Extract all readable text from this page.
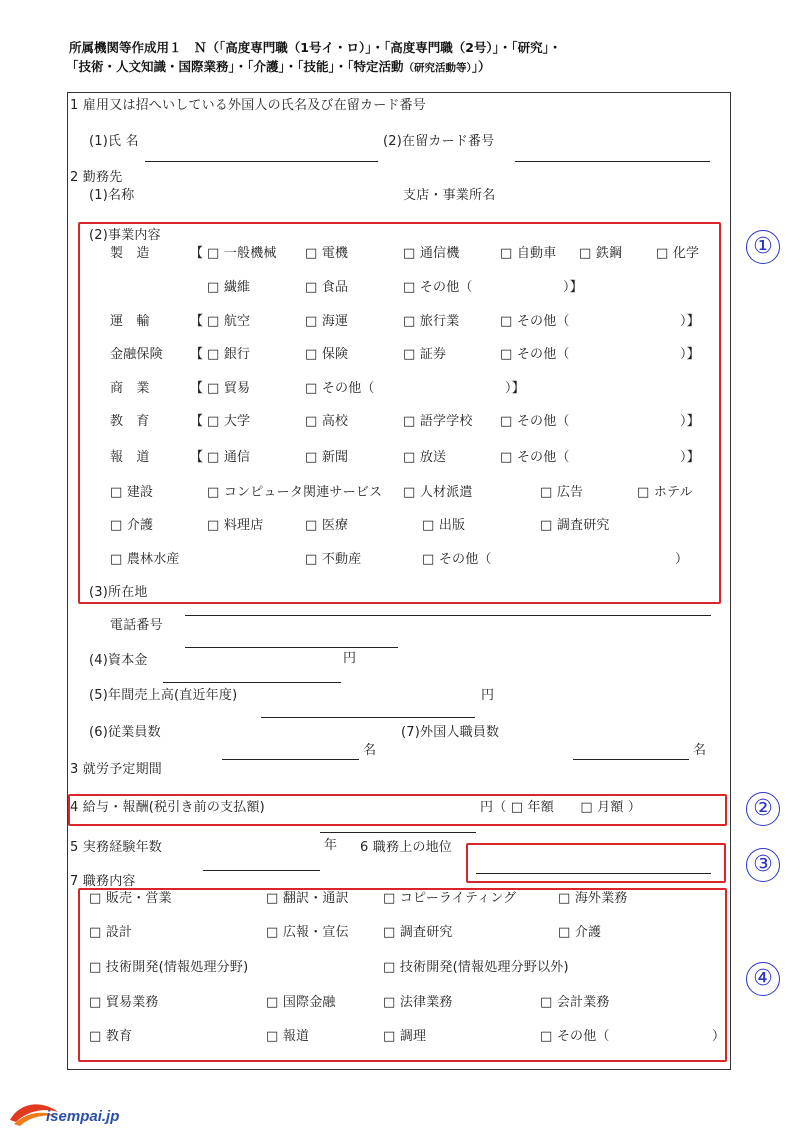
所属機関等作成用１　Ｎ（「高度専門職（1号イ・ロ）」・「高度専門職（2号）」・「研究」・
「技術・人文知識・国際業務」・「介護」・「技能」・「特定活動（研究活動等）」）
1 雇用又は招へいしている外国人の氏名及び在留カード番号
(1)氏 名	(2)在留カード番号
2 勤務先
(1)名称	支店・事業所名
(2)事業内容
製　造	【 □ 一般機械 □ 電機	□ 通信機	□ 自動車 □ 鉄鋼	□ 化学
□ 繊維	□ 食品	□ その他（	）】
運　輸	【 □ 航空	□ 海運	□ 旅行業	□ その他（	）】
金融保険 【 □ 銀行	□ 保険	□ 証券	□ その他（	）】
商　業	【 □ 貿易	□ その他（	）】
教　育	【 □ 大学	□ 高校	□ 語学学校 □ その他（	）】
報　道	【 □ 通信	□ 新聞	□ 放送	□ その他（	）】
□ 建設	□ コンピュータ関連サービス □ 人材派遣	□ 広告	□ ホテル
□ 介護	□ 料理店	□ 医療	□ 出版	□ 調査研究
□ 農林水産	□ 不動産	□ その他（	）
(3)所在地
電話番号
(4)資本金	円
(5)年間売上高(直近年度)	円
(6)従業員数	(7)外国人職員数
名	名
3 就労予定期間
4 給与・報酬(税引き前の支払額)	円（ □ 年額　　□ 月額 ）
5 実務経験年数	年 6 職務上の地位
7 職務内容
□ 販売・営業	□ 翻訳・通訳	□ コピーライティング	□ 海外業務
□ 設計	□ 広報・宣伝	□ 調査研究	□ 介護
□ 技術開発(情報処理分野)	□ 技術開発(情報処理分野以外)
□ 貿易業務	□ 国際金融	□ 法律業務	□ 会計業務
□ 教育	□ 報道	□ 調理	□ その他（	）
①
②
③
④
isempai.jp
